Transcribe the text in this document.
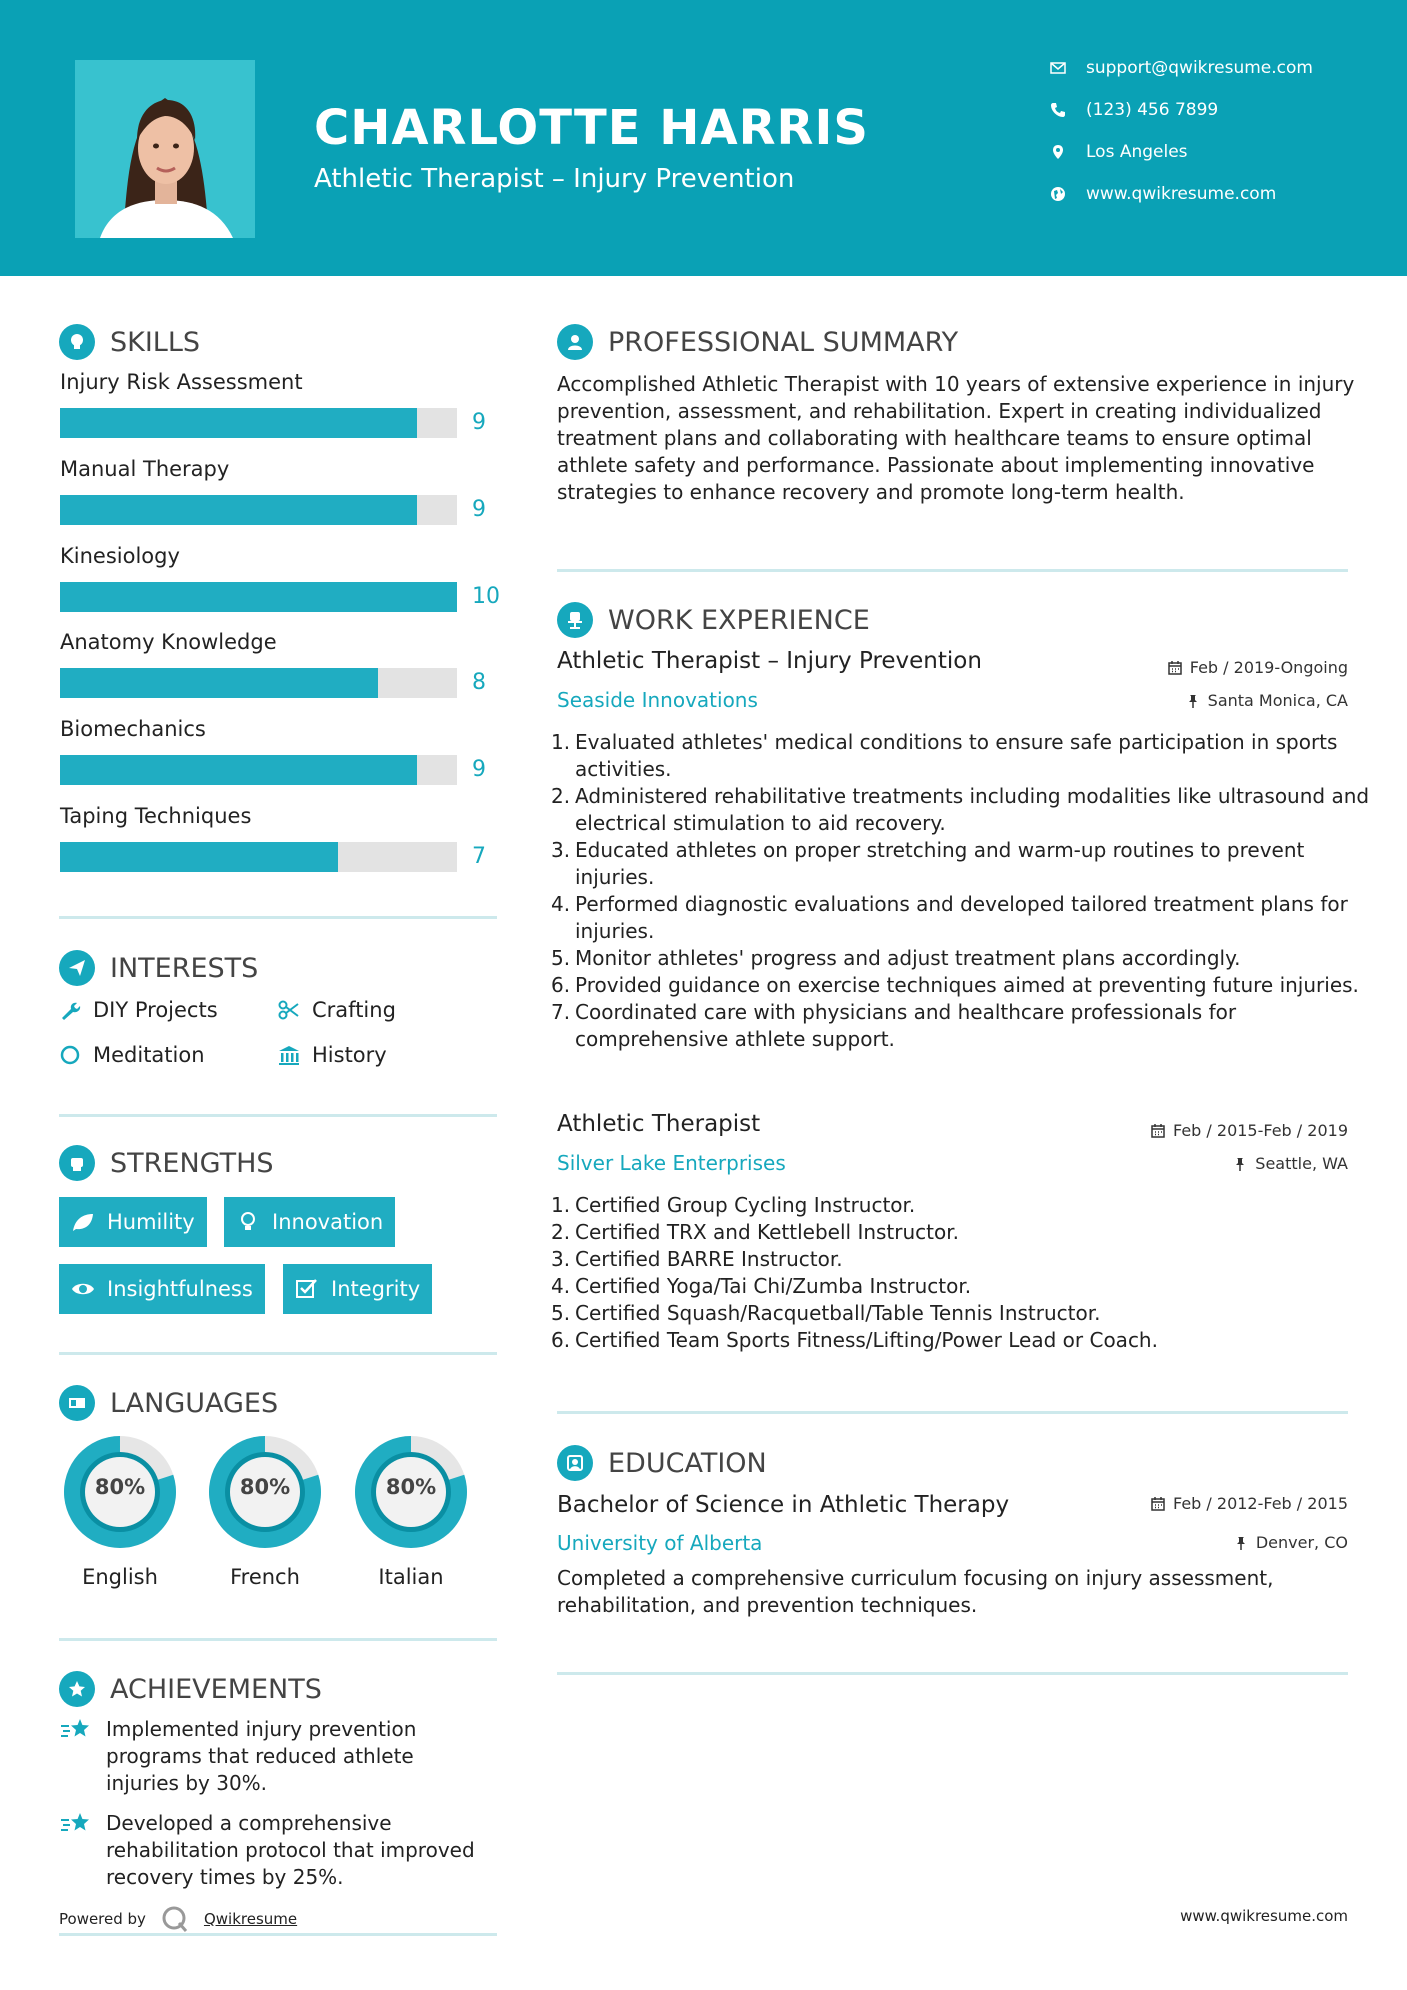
CHARLOTTE HARRIS
Athletic Therapist – Injury Prevention
support@qwikresume.com
(123) 456 7899
Los Angeles
www.qwikresume.com
SKILLS
Injury Risk Assessment
9
Manual Therapy
9
Kinesiology
10
Anatomy Knowledge
8
Biomechanics
9
Taping Techniques
7
INTERESTS
DIY Projects	Crafting
Meditation	History
STRENGTHS
Humility	Innovation
Insightfulness	Integrity
LANGUAGES
80%
English
80%
French
80%
Italian
ACHIEVEMENTS
Implemented injury prevention
programs that reduced athlete
injuries by 30%.
Developed a comprehensive
rehabilitation protocol that improved
recovery times by 25%.
Powered by	Qwikresume
PROFESSIONAL SUMMARY
Accomplished Athletic Therapist with 10 years of extensive experience in injury prevention, assessment, and rehabilitation. Expert in creating individualized treatment plans and collaborating with healthcare teams to ensure optimal athlete safety and performance. Passionate about implementing innovative strategies to enhance recovery and promote long-term health.
WORK EXPERIENCE
Athletic Therapist – Injury Prevention	Feb / 2019-Ongoing
Seaside Innovations	Santa Monica, CA
Evaluated athletes' medical conditions to ensure safe participation in sports activities.
Administered rehabilitative treatments including modalities like ultrasound and electrical stimulation to aid recovery.
Educated athletes on proper stretching and warm-up routines to prevent injuries.
Performed diagnostic evaluations and developed tailored treatment plans for injuries.
Monitor athletes' progress and adjust treatment plans accordingly.
Provided guidance on exercise techniques aimed at preventing future injuries.
Coordinated care with physicians and healthcare professionals for comprehensive athlete support.
Athletic Therapist	Feb / 2015-Feb / 2019
Silver Lake Enterprises	Seattle, WA
Certified Group Cycling Instructor.
Certified TRX and Kettlebell Instructor.
Certified BARRE Instructor.
Certified Yoga/Tai Chi/Zumba Instructor.
Certified Squash/Racquetball/Table Tennis Instructor.
Certified Team Sports Fitness/Lifting/Power Lead or Coach.
EDUCATION
Bachelor of Science in Athletic Therapy	Feb / 2012-Feb / 2015
University of Alberta	Denver, CO
Completed a comprehensive curriculum focusing on injury assessment, rehabilitation, and prevention techniques.
www.qwikresume.com
